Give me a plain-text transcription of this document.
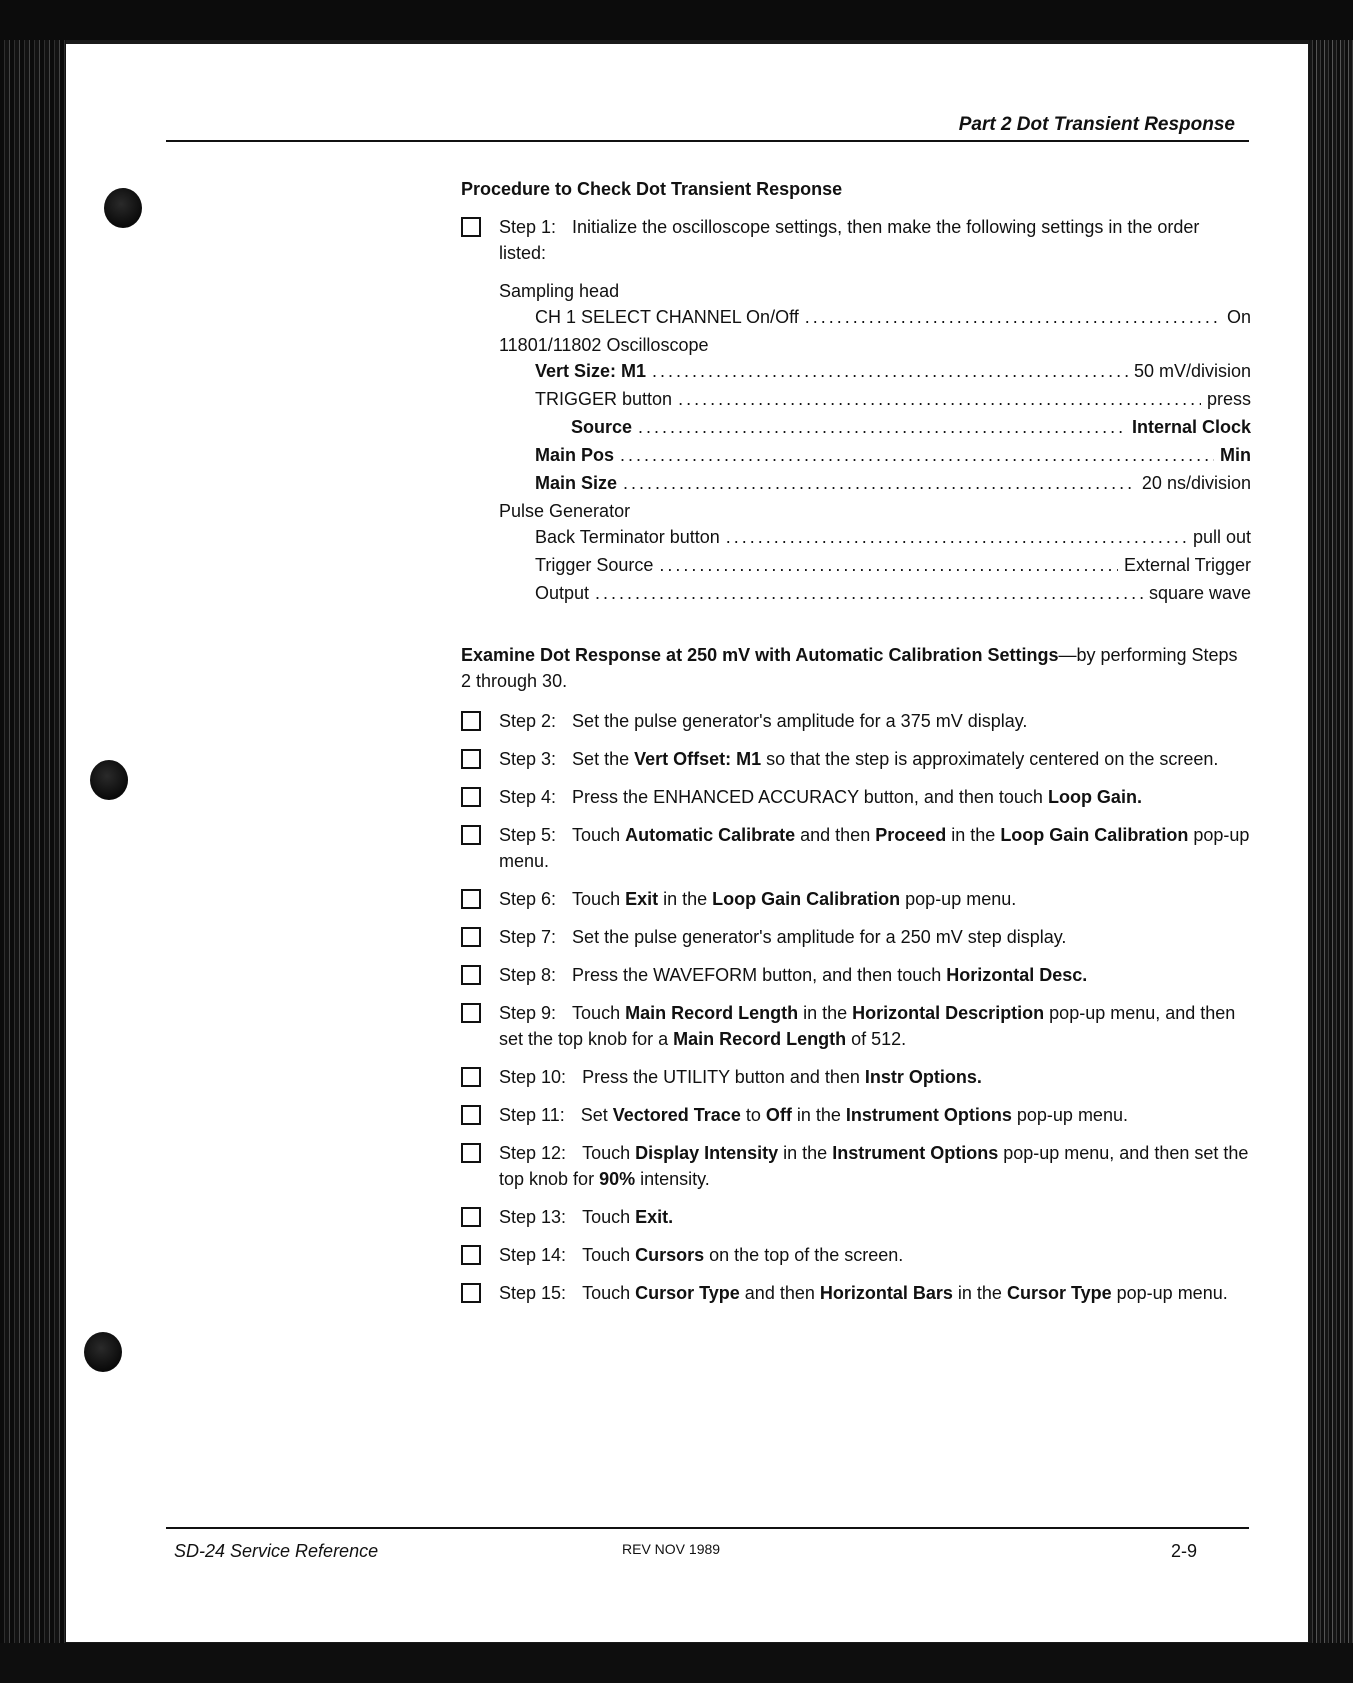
Part 2 Dot Transient Response

Procedure to Check Dot Transient Response

Step 1: Initialize the oscilloscope settings, then make the following settings in the order listed:

Sampling head

CH 1 SELECT CHANNEL On/Off .....	On

11801/11802 Oscilloscope

Vert Size: M1 .....	50 mV/division
TRIGGER button .....	press
Source .....	Internal Clock
Main Pos .....	Min
Main Size .....	20 ns/division

Pulse Generator

Back Terminator button .....	pull out
Trigger Source .....	External Trigger
Output .....	square wave

Examine Dot Response at 250 mV with Automatic Calibration Settings—by performing Steps 2 through 30.

Step 2: Set the pulse generator's amplitude for a 375 mV display.
Step 3: Set the Vert Offset: M1 so that the step is approximately centered on the screen.
Step 4: Press the ENHANCED ACCURACY button, and then touch Loop Gain.
Step 5: Touch Automatic Calibrate and then Proceed in the Loop Gain Calibration pop-up menu.
Step 6: Touch Exit in the Loop Gain Calibration pop-up menu.
Step 7: Set the pulse generator's amplitude for a 250 mV step display.
Step 8: Press the WAVEFORM button, and then touch Horizontal Desc.
Step 9: Touch Main Record Length in the Horizontal Description pop-up menu, and then set the top knob for a Main Record Length of 512.
Step 10: Press the UTILITY button and then Instr Options.
Step 11: Set Vectored Trace to Off in the Instrument Options pop-up menu.
Step 12: Touch Display Intensity in the Instrument Options pop-up menu, and then set the top knob for 90% intensity.
Step 13: Touch Exit.
Step 14: Touch Cursors on the top of the screen.
Step 15: Touch Cursor Type and then Horizontal Bars in the Cursor Type pop-up menu.
SD-24 Service Reference	REV NOV 1989	2-9
